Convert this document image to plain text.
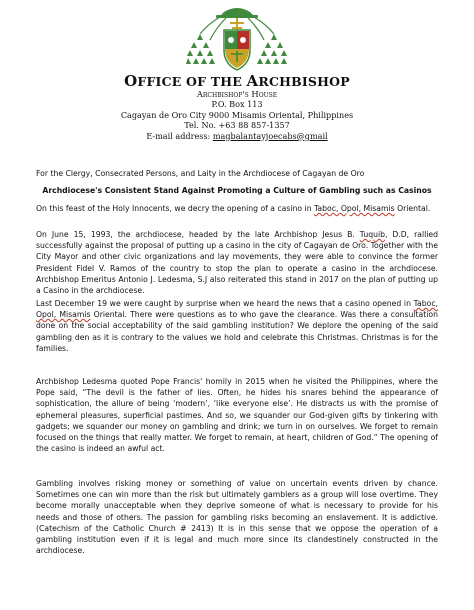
OFFICE OF THE ARCHBISHOP

Archbishop's House

P.O. Box 113

Cagayan de Oro City 9000 Misamis Oriental, Philippines

Tel. No. +63 88 857-1357

E-mail address: magbalantayjoecabs@gmail

For the Clergy, Consecrated Persons, and Laity in the Archdiocese of Cagayan de Oro

Archdiocese's Consistent Stand Against Promoting a Culture of Gambling such as Casinos

On this feast of the Holy Innocents, we decry the opening of a casino in Taboc, Opol, Misamis Oriental.

On June 15, 1993, the archdiocese, headed by the late Archbishop Jesus B. Tuquib, D.D, rallied successfully against the proposal of putting up a casino in the city of Cagayan de Oro. Together with the City Mayor and other civic organizations and lay movements, they were able to convince the former President Fidel V. Ramos of the country to stop the plan to operate a casino in the archdiocese. Archbishop Emeritus Antonio J. Ledesma, S.J also reiterated this stand in 2017 on the plan of putting up a Casino in the archdiocese.

Last December 19 we were caught by surprise when we heard the news that a casino opened in Taboc, Opol, Misamis Oriental. There were questions as to who gave the clearance. Was there a consultation done on the social acceptability of the said gambling institution? We deplore the opening of the said gambling den as it is contrary to the values we hold and celebrate this Christmas. Christmas is for the families.

Archbishop Ledesma quoted Pope Francis' homily in 2015 when he visited the Philippines, where the Pope said, “The devil is the father of lies. Often, he hides his snares behind the appearance of sophistication, the allure of being ‘modern’, ‘like everyone else’. He distracts us with the promise of ephemeral pleasures, superficial pastimes. And so, we squander our God-given gifts by tinkering with gadgets; we squander our money on gambling and drink; we turn in on ourselves. We forget to remain focused on the things that really matter. We forget to remain, at heart, children of God.” The opening of the casino is indeed an awful act.

Gambling involves risking money or something of value on uncertain events driven by chance. Sometimes one can win more than the risk but ultimately gamblers as a group will lose overtime. They become morally unacceptable when they deprive someone of what is necessary to provide for his needs and those of others. The passion for gambling risks becoming an enslavement. It is addictive. (Catechism of the Catholic Church # 2413) It is in this sense that we oppose the operation of a gambling institution even if it is legal and much more since its clandestinely constructed in the archdiocese.
